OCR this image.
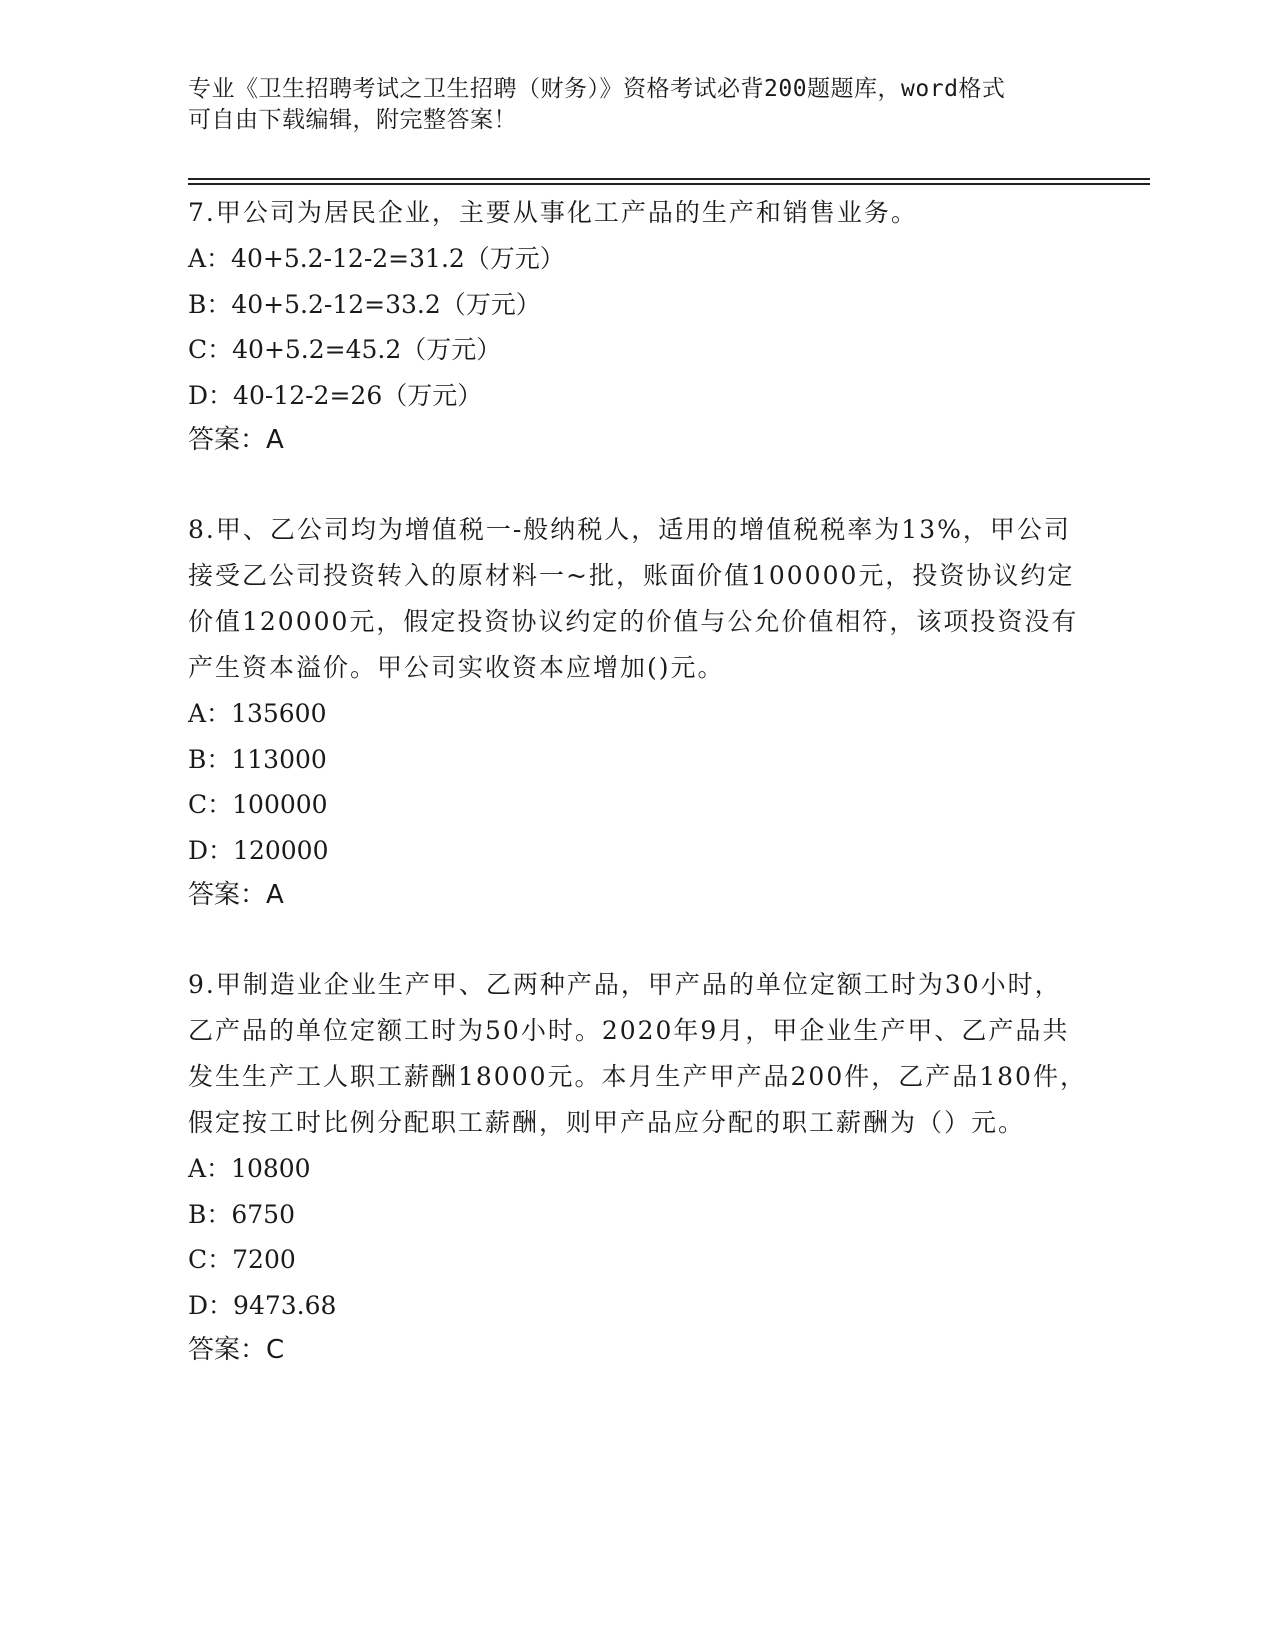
专业《卫生招聘考试之卫生招聘（财务）》资格考试必背200题题库，word格式
可自由下载编辑，附完整答案！

7.甲公司为居民企业，主要从事化工产品的生产和销售业务。

A：40+5.2-12-2=31.2（万元）

B：40+5.2-12=33.2（万元）

C：40+5.2=45.2（万元）

D：40-12-2=26（万元）

答案：A

8.甲、乙公司均为增值税一-般纳税人，适用的增值税税率为13%，甲公司接受乙公司投资转入的原材料一~批，账面价值100000元，投资协议约定价值120000元，假定投资协议约定的价值与公允价值相符，该项投资没有产生资本溢价。甲公司实收资本应增加()元。

A：135600

B：113000

C：100000

D：120000

答案：A

9.甲制造业企业生产甲、乙两种产品，甲产品的单位定额工时为30小时，乙产品的单位定额工时为50小时。2020年9月，甲企业生产甲、乙产品共发生生产工人职工薪酬18000元。本月生产甲产品200件，乙产品180件，假定按工时比例分配职工薪酬，则甲产品应分配的职工薪酬为（）元。

A：10800

B：6750

C：7200

D：9473.68

答案：C
